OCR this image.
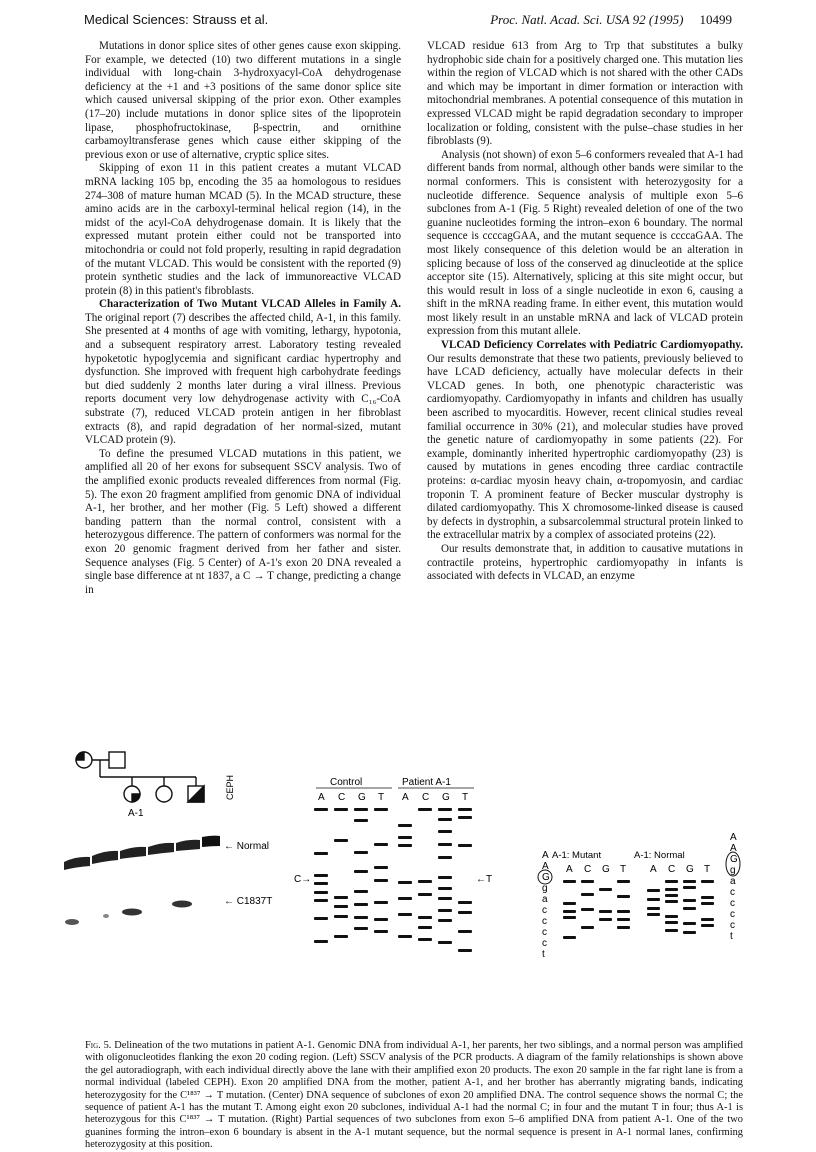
Medical Sciences: Strauss et al.	Proc. Natl. Acad. Sci. USA 92 (1995) 10499

Mutations in donor splice sites of other genes cause exon skipping. For example, we detected (10) two different mutations in a single individual with long-chain 3-hydroxyacyl-CoA dehydrogenase deficiency at the +1 and +3 positions of the same donor splice site which caused universal skipping of the prior exon. Other examples (17–20) include mutations in donor splice sites of the lipoprotein lipase, phosphofructokinase, β-spectrin, and ornithine carbamoyltransferase genes which cause either skipping of the previous exon or use of alternative, cryptic splice sites.

Skipping of exon 11 in this patient creates a mutant VLCAD mRNA lacking 105 bp, encoding the 35 aa homologous to residues 274–308 of mature human MCAD (5). In the MCAD structure, these amino acids are in the carboxyl-terminal helical region (14), in the midst of the acyl-CoA dehydrogenase domain. It is likely that the expressed mutant protein either could not be transported into mitochondria or could not fold properly, resulting in rapid degradation of the mutant VLCAD. This would be consistent with the reported (9) protein synthetic studies and the lack of immunoreactive VLCAD protein (8) in this patient's fibroblasts.

Characterization of Two Mutant VLCAD Alleles in Family A. The original report (7) describes the affected child, A-1, in this family. She presented at 4 months of age with vomiting, lethargy, hypotonia, and a subsequent respiratory arrest. Laboratory testing revealed hypoketotic hypoglycemia and significant cardiac hypertrophy and dysfunction. She improved with frequent high carbohydrate feedings but died suddenly 2 months later during a viral illness. Previous reports document very low dehydrogenase activity with C₁₆-CoA substrate (7), reduced VLCAD protein antigen in her fibroblast extracts (8), and rapid degradation of her normal-sized, mutant VLCAD protein (9).

To define the presumed VLCAD mutations in this patient, we amplified all 20 of her exons for subsequent SSCV analysis. Two of the amplified exonic products revealed differences from normal (Fig. 5). The exon 20 fragment amplified from genomic DNA of individual A-1, her brother, and her mother (Fig. 5 Left) showed a different banding pattern than the normal control, consistent with a heterozygous difference. The pattern of conformers was normal for the exon 20 genomic fragment derived from her father and sister. Sequence analyses (Fig. 5 Center) of A-1's exon 20 DNA revealed a single base difference at nt 1837, a C → T change, predicting a change in

VLCAD residue 613 from Arg to Trp that substitutes a bulky hydrophobic side chain for a positively charged one. This mutation lies within the region of VLCAD which is not shared with the other CADs and which may be important in dimer formation or interaction with mitochondrial membranes. A potential consequence of this mutation in expressed VLCAD might be rapid degradation secondary to improper localization or folding, consistent with the pulse–chase studies in her fibroblasts (9).

Analysis (not shown) of exon 5–6 conformers revealed that A-1 had different bands from normal, although other bands were similar to the normal conformers. This is consistent with heterozygosity for a nucleotide difference. Sequence analysis of multiple exon 5–6 subclones from A-1 (Fig. 5 Right) revealed deletion of one of the two guanine nucleotides forming the intron–exon 6 boundary. The normal sequence is ccccagGAA, and the mutant sequence is ccccaGAA. The most likely consequence of this deletion would be an alteration in splicing because of loss of the conserved ag dinucleotide at the splice acceptor site (15). Alternatively, splicing at this site might occur, but this would result in loss of a single nucleotide in exon 6, causing a shift in the mRNA reading frame. In either event, this mutation would most likely result in an unstable mRNA and lack of VLCAD protein expression from this mutant allele.

VLCAD Deficiency Correlates with Pediatric Cardiomyopathy. Our results demonstrate that these two patients, previously believed to have LCAD deficiency, actually have molecular defects in their VLCAD genes. In both, one phenotypic characteristic was cardiomyopathy. Cardiomyopathy in infants and children has usually been ascribed to myocarditis. However, recent clinical studies reveal familial occurrence in 30% (21), and molecular studies have proved the genetic nature of cardiomyopathy in some patients (22). For example, dominantly inherited hypertrophic cardiomyopathy (23) is caused by mutations in genes encoding three cardiac contractile proteins: α-cardiac myosin heavy chain, α-tropomyosin, and cardiac troponin T. A prominent feature of Becker muscular dystrophy is dilated cardiomyopathy. This X chromosome-linked disease is caused by defects in dystrophin, a subsarcolemmal structural protein linked to the extracellular matrix by a complex of associated proteins (22).

Our results demonstrate that, in addition to causative mutations in contractile proteins, hypertrophic cardiomyopathy in infants is associated with defects in VLCAD, an enzyme

A-1
CEPH
← Normal
← C1837T
Control	Patient A-1
A C G T A C G T
C→	←T
A-1: Mutant	A-1: Normal
A C G T A C G T
A
A
G
g
a
c
c
c
c
t
A
A
G
g
a
c
c
c
c
t
Fig. 5. Delineation of the two mutations in patient A-1. Genomic DNA from individual A-1, her parents, her two siblings, and a normal person was amplified with oligonucleotides flanking the exon 20 coding region. (Left) SSCV analysis of the PCR products. A diagram of the family relationships is shown above the gel autoradiograph, with each individual directly above the lane with their amplified exon 20 products. The exon 20 sample in the far right lane is from a normal individual (labeled CEPH). Exon 20 amplified DNA from the mother, patient A-1, and her brother has aberrantly migrating bands, indicating heterozygosity for the C¹⁸³⁷ → T mutation. (Center) DNA sequence of subclones of exon 20 amplified DNA. The control sequence shows the normal C; the sequence of patient A-1 has the mutant T. Among eight exon 20 subclones, individual A-1 had the normal C; in four and the mutant T in four; thus A-1 is heterozygous for this C¹⁸³⁷ → T mutation. (Right) Partial sequences of two subclones from exon 5–6 amplified DNA from patient A-1. One of the two guanines forming the intron–exon 6 boundary is absent in the A-1 mutant sequence, but the normal sequence is present in A-1 normal lanes, confirming heterozygosity at this position.
